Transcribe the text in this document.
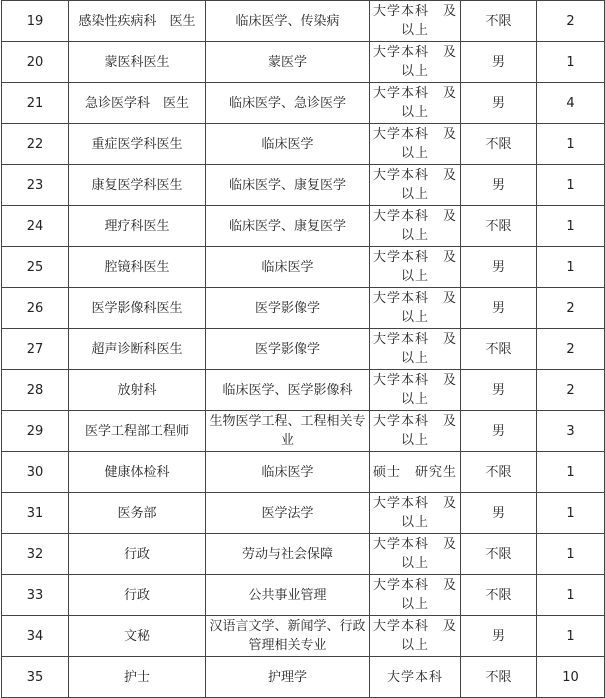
19	感染性疾病科　医生	临床医学、传染病	大学本科　及以上	不限	2
20	蒙医科医生	蒙医学	大学本科　及以上	男	1
21	急诊医学科　医生	临床医学、急诊医学	大学本科　及以上	男	4
22	重症医学科医生	临床医学	大学本科　及以上	不限	1
23	康复医学科医生	临床医学、康复医学	大学本科　及以上	男	1
24	理疗科医生	临床医学、康复医学	大学本科　及以上	不限	1
25	腔镜科医生	临床医学	大学本科　及以上	男	1
26	医学影像科医生	医学影像学	大学本科　及以上	男	2
27	超声诊断科医生	医学影像学	大学本科　及以上	不限	2
28	放射科	临床医学、医学影像科	大学本科　及以上	男	2
29	医学工程部工程师	生物医学工程、工程相关专业	大学本科　及以上	男	3
30	健康体检科	临床医学	硕士　研究生	不限	1
31	医务部	医学法学	大学本科　及以上	男	1
32	行政	劳动与社会保障	大学本科　及以上	不限	1
33	行政	公共事业管理	大学本科　及以上	不限	1
34	文秘	汉语言文学、新闻学、行政管理相关专业	大学本科　及以上	男	1
35	护士	护理学	大学本科	不限	10
